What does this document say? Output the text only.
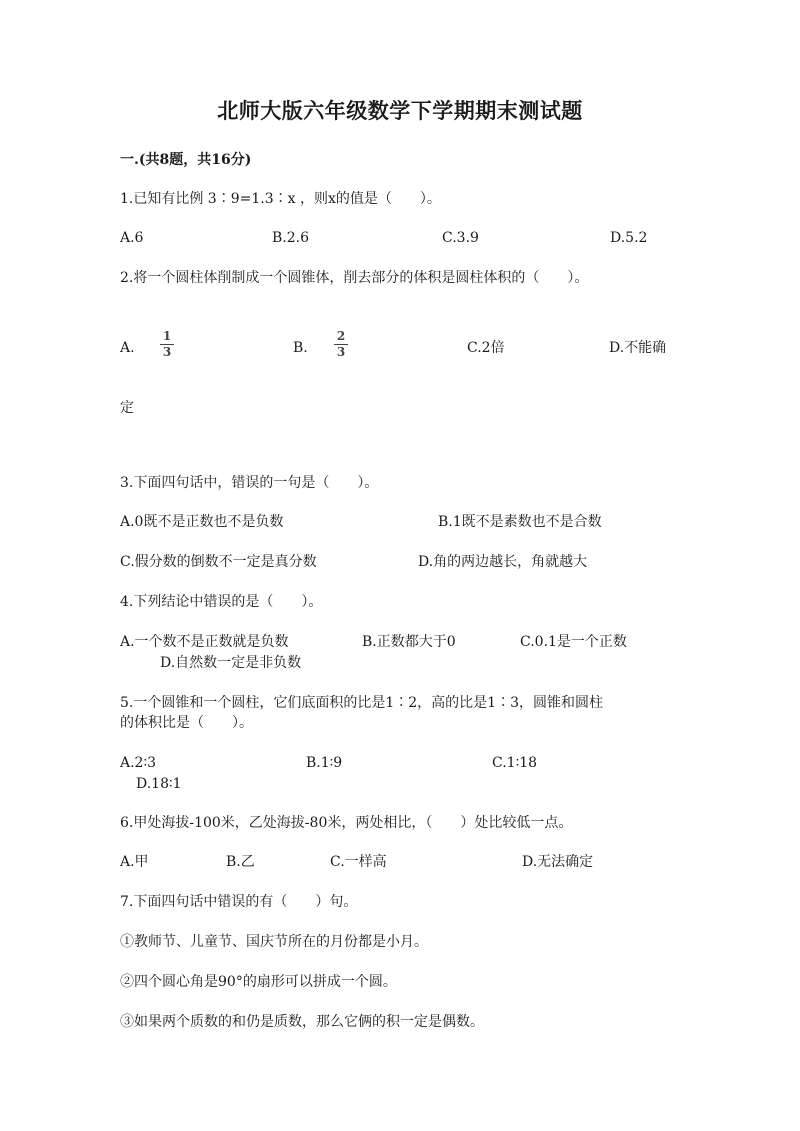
北师大版六年级数学下学期期末测试题
一.(共8题，共16分)
1.已知有比例 3∶9=1.3∶x ，则x的值是（　　）。
A.6	B.2.6	C.3.9	D.5.2
2.将一个圆柱体削制成一个圆锥体，削去部分的体积是圆柱体积的（　　）。
A.
1
3	B.
2
3	C.2倍	D.不能确
定
3.下面四句话中，错误的一句是（　　）。
A.0既不是正数也不是负数	B.1既不是素数也不是合数
C.假分数的倒数不一定是真分数	D.角的两边越长，角就越大
4.下列结论中错误的是（　　）。
A.一个数不是正数就是负数	B.正数都大于0	C.0.1是一个正数
D.自然数一定是非负数
5.一个圆锥和一个圆柱，它们底面积的比是1∶2，高的比是1∶3，圆锥和圆柱
的体积比是（　　）。
A.2∶3	B.1∶9	C.1∶18
D.18∶1
6.甲处海拔-100米，乙处海拔-80米，两处相比，（　　）处比较低一点。
A.甲	B.乙	C.一样高	D.无法确定
7.下面四句话中错误的有（　　）句。
①教师节、儿童节、国庆节所在的月份都是小月。
②四个圆心角是90°的扇形可以拼成一个圆。
③如果两个质数的和仍是质数，那么它俩的积一定是偶数。
